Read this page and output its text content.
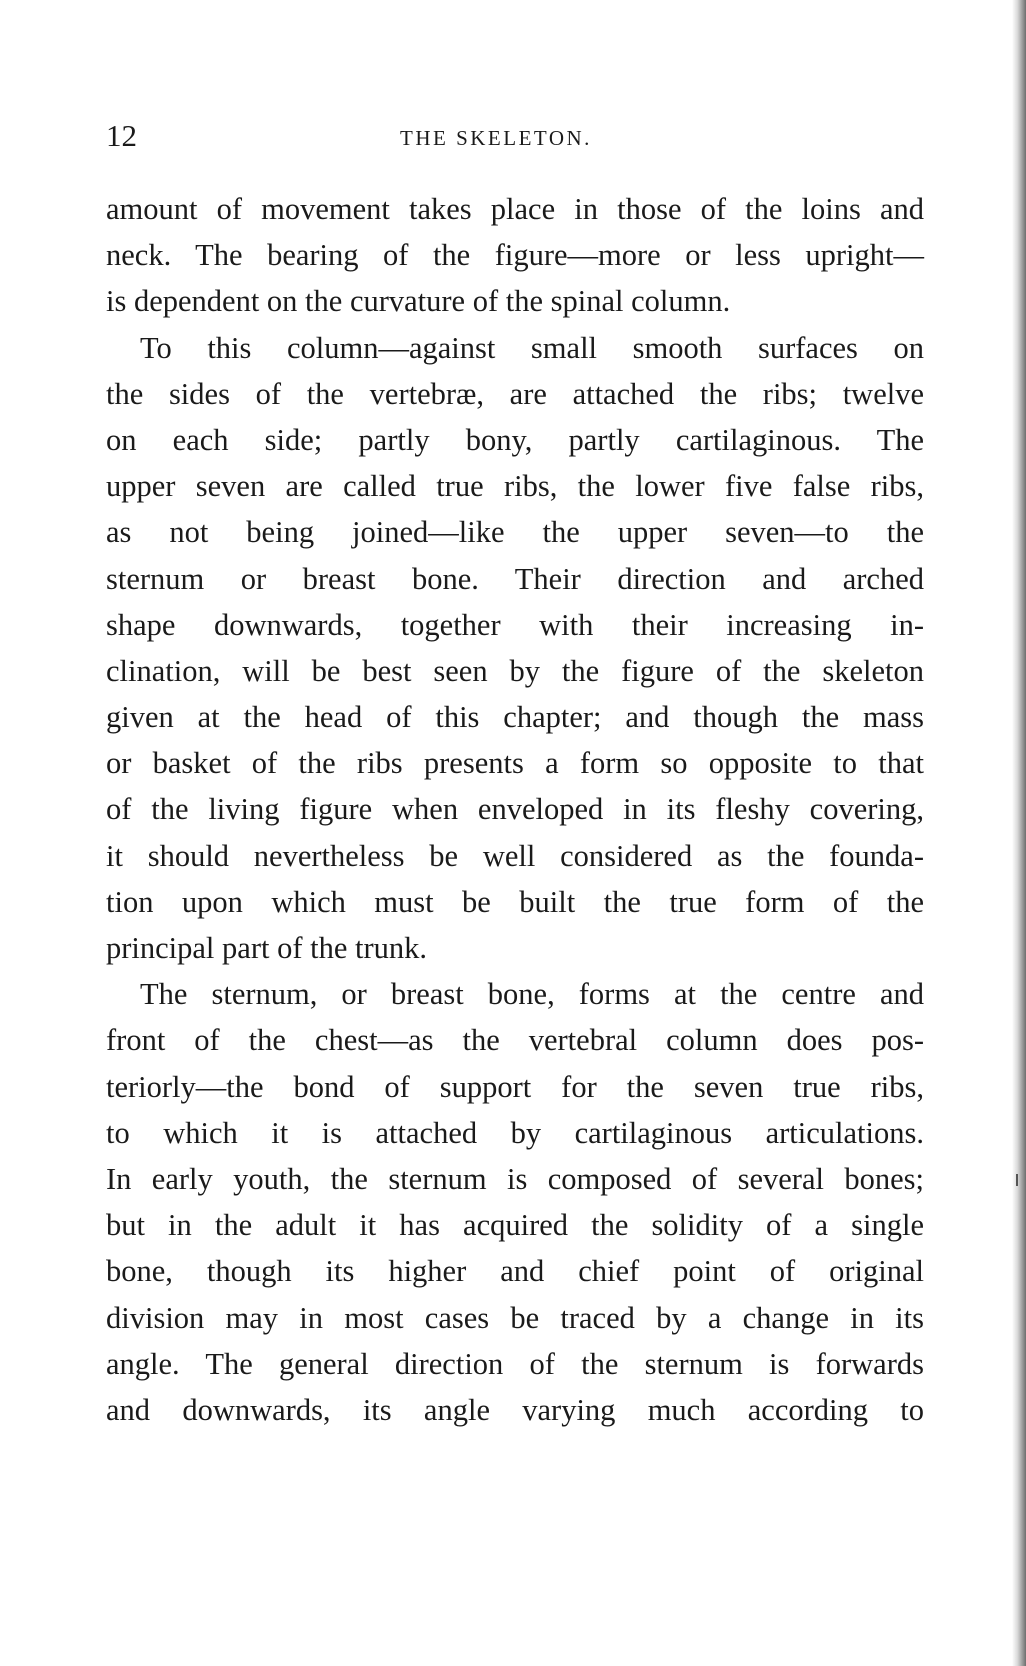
12	THE SKELETON.
amount of movement takes place in those of the loins and
neck. The bearing of the figure—more or less upright—
is dependent on the curvature of the spinal column.
To this column—against small smooth surfaces on
the sides of the vertebræ, are attached the ribs; twelve
on each side; partly bony, partly cartilaginous. The
upper seven are called true ribs, the lower five false ribs,
as not being joined—like the upper seven—to the
sternum or breast bone. Their direction and arched
shape downwards, together with their increasing in-
clination, will be best seen by the figure of the skeleton
given at the head of this chapter; and though the mass
or basket of the ribs presents a form so opposite to that
of the living figure when enveloped in its fleshy covering,
it should nevertheless be well considered as the founda-
tion upon which must be built the true form of the
principal part of the trunk.
The sternum, or breast bone, forms at the centre and
front of the chest—as the vertebral column does pos-
teriorly—the bond of support for the seven true ribs,
to which it is attached by cartilaginous articulations.
In early youth, the sternum is composed of several bones;
but in the adult it has acquired the solidity of a single
bone, though its higher and chief point of original
division may in most cases be traced by a change in its
angle. The general direction of the sternum is forwards
and downwards, its angle varying much according to
